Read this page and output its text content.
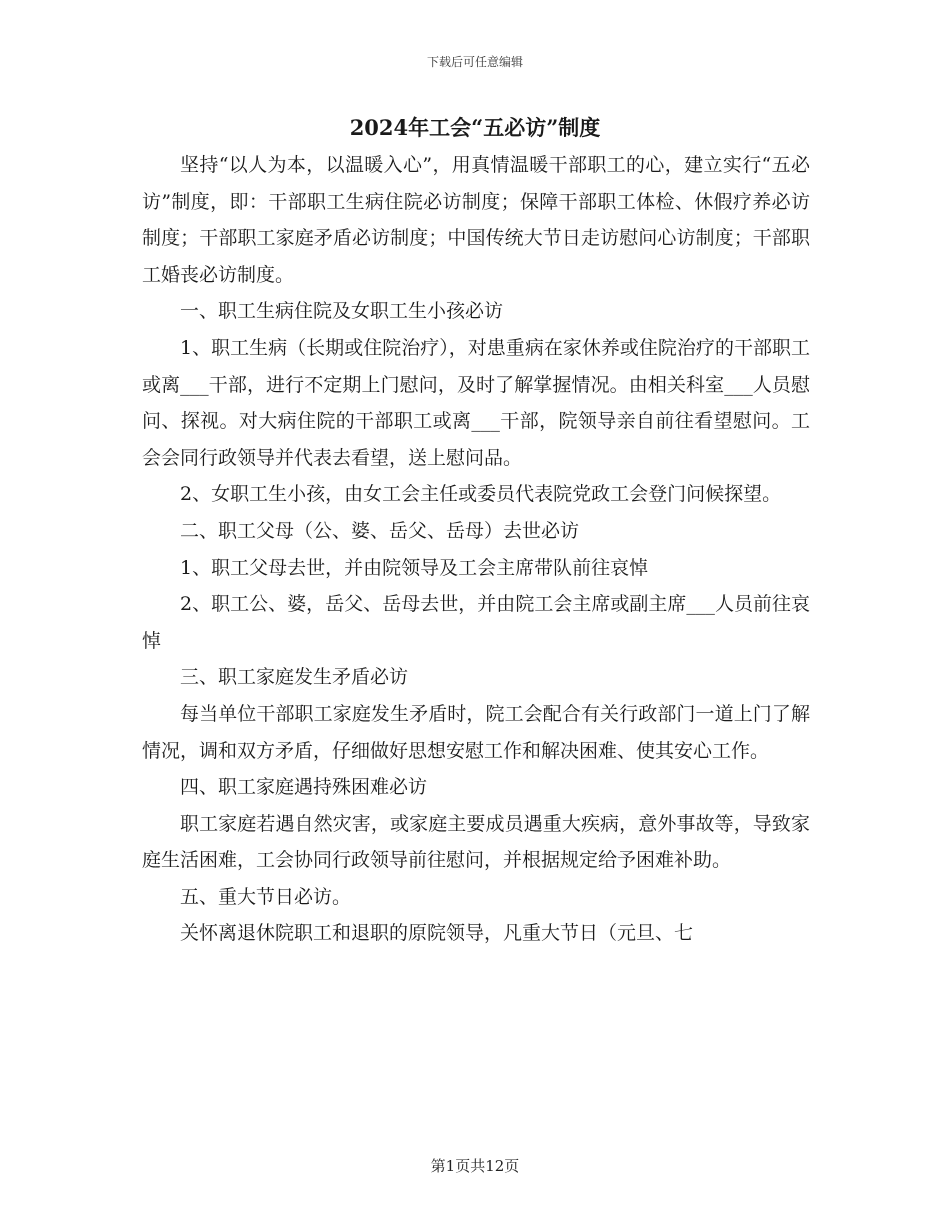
下载后可任意编辑
2024年工会“五必访”制度

坚持“以人为本，以温暖入心”，用真情温暖干部职工的心，建立实行“五必访”制度，即：干部职工生病住院必访制度；保障干部职工体检、休假疗养必访制度；干部职工家庭矛盾必访制度；中国传统大节日走访慰问心访制度；干部职工婚丧必访制度。

一、职工生病住院及女职工生小孩必访

1、职工生病（长期或住院治疗），对患重病在家休养或住院治疗的干部职工或离___干部，进行不定期上门慰问，及时了解掌握情况。由相关科室___人员慰问、探视。对大病住院的干部职工或离___干部，院领导亲自前往看望慰问。工会会同行政领导并代表去看望，送上慰问品。

2、女职工生小孩，由女工会主任或委员代表院党政工会登门问候探望。

二、职工父母（公、婆、岳父、岳母）去世必访

1、职工父母去世，并由院领导及工会主席带队前往哀悼

2、职工公、婆，岳父、岳母去世，并由院工会主席或副主席___人员前往哀悼

三、职工家庭发生矛盾必访

每当单位干部职工家庭发生矛盾时，院工会配合有关行政部门一道上门了解情况，调和双方矛盾，仔细做好思想安慰工作和解决困难、使其安心工作。

四、职工家庭遇持殊困难必访

职工家庭若遇自然灾害，或家庭主要成员遇重大疾病，意外事故等，导致家庭生活困难，工会协同行政领导前往慰问，并根据规定给予困难补助。

五、重大节日必访。

关怀离退休院职工和退职的原院领导，凡重大节日（元旦、七

第1页共12页
